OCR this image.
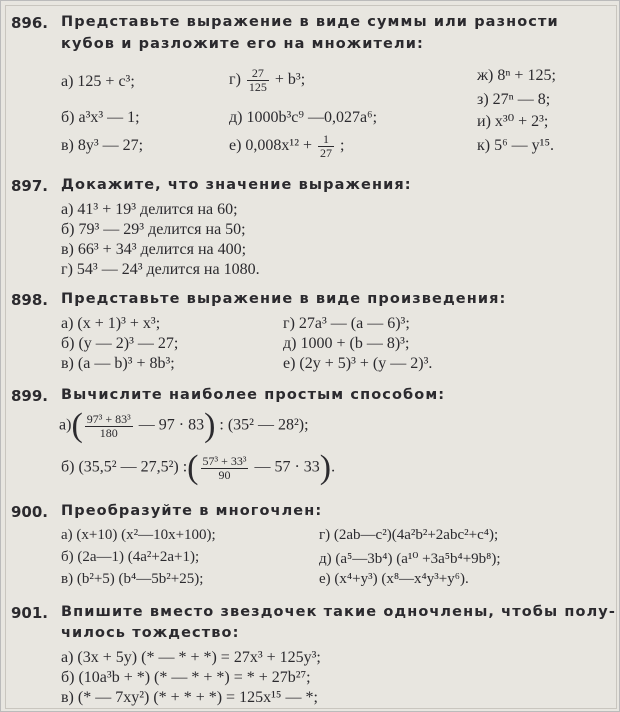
896. Представьте выражение в виде суммы или разности
кубов и разложите его на множители:
а) 125 + c³;
б) a³x³ — 1;
в) 8y³ — 27;
$г) \frac{27}{125} + b^3$;
д) 1000b³c⁹ —0,027a⁶;
е) $0,008x^{12} + \frac{1}{27}$ ;
ж) 8ⁿ + 125;
з) 27ⁿ — 8;
и) x³⁰ + 2³;
к) 5⁶ — y¹⁵.
897. Докажите, что значение выражения:
а) 41³ + 19³ делится на 60;
б) 79³ — 29³ делится на 50;
в) 66³ + 34³ делится на 400;
г) 54³ — 24³ делится на 1080.
898. Представьте выражение в виде произведения:
а) (x + 1)³ + x³;
б) (y — 2)³ — 27;
в) (a — b)³ + 8b³;
г) 27a³ — (a — 6)³;
д) 1000 + (b — 8)³;
е) (2y + 5)³ + (y — 2)³.
899. Вычислите наиболее простым способом:
$а)( \frac{\text{97³ + 83³}}{180}$ — 97 · 83) : (35² — 28²);
б) (35,5² — 27,5²) :( $\frac{\text{57³ + 33³}}{90}$ — 57 · 33).
900. Преобразуйте в многочлен:
а) (x+10) (x²—10x+100);
б) (2a—1) (4a²+2a+1);
в) (b²+5) (b⁴—5b²+25);
г) (2ab—c²)(4a²b²+2abc²+c⁴);
д) (a⁵—3b⁴) (a¹⁰ +3a⁵b⁴+9b⁸);
е) (x⁴+y³) (x⁸—x⁴y³+y⁶).
901. Впишите вместо звездочек такие одночлены, чтобы полу-
чилось тождество:
а) (3x + 5y) (* — * + *) = 27x³ + 125y³;
б) (10a³b + *) (* — * + *) = * + 27b²⁷;
в) (* — 7xy²) (* + * + *) = 125x¹⁵ — *;
